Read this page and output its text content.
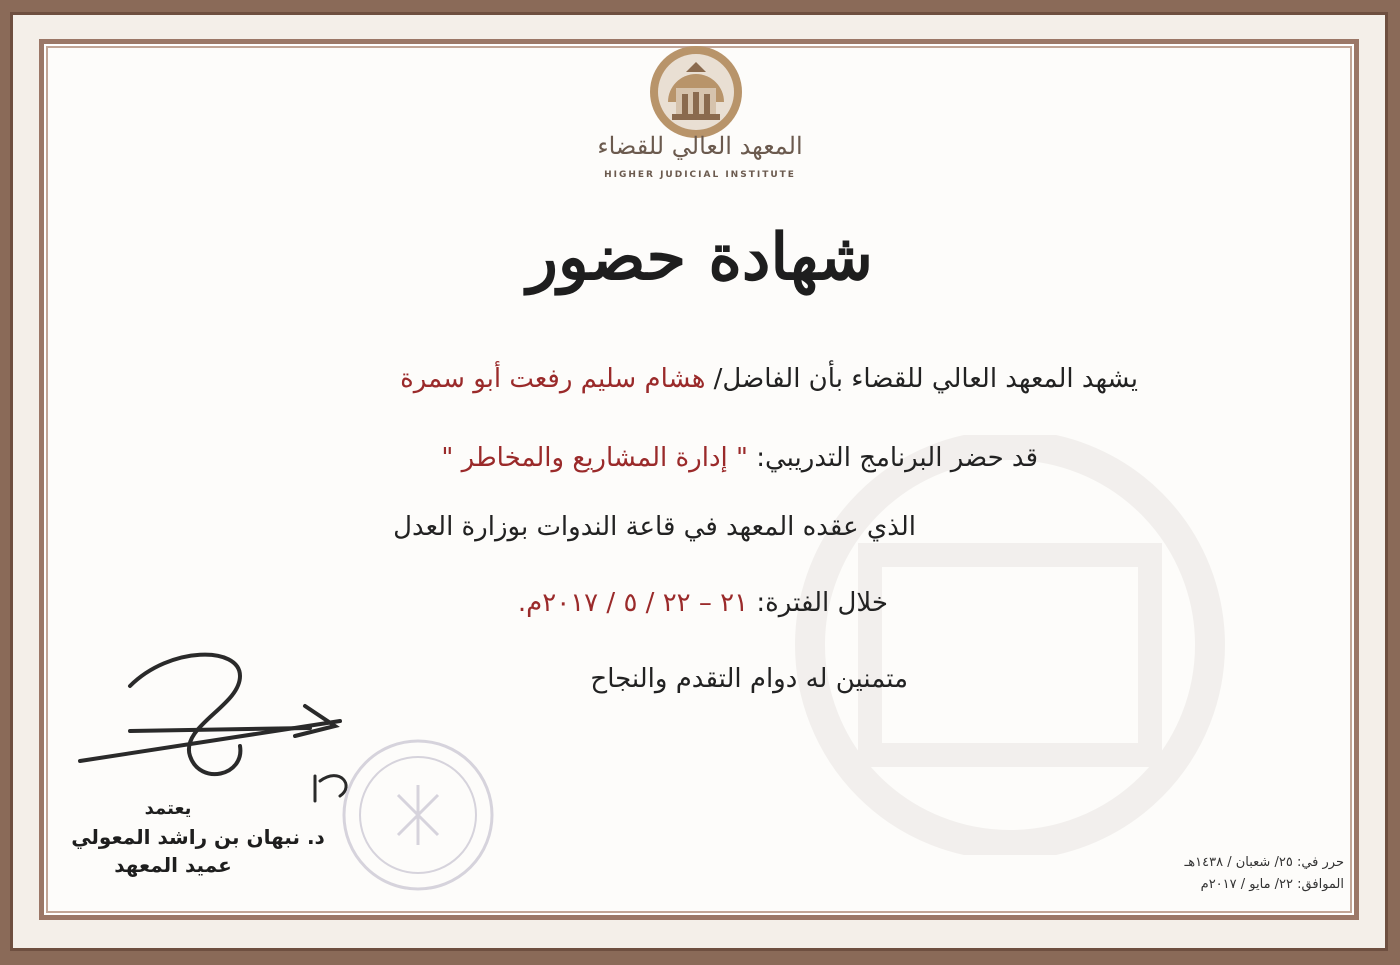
المعهد العالي للقضاء
HIGHER JUDICIAL INSTITUTE
شهادة حضور
يشهد المعهد العالي للقضاء بأن الفاضل/ هشام سليم رفعت أبو سمرة
قد حضر البرنامج التدريبي: " إدارة المشاريع والمخاطر "
الذي عقده المعهد في قاعة الندوات بوزارة العدل
خلال الفترة: ٢١ – ٢٢ / ٥ / ٢٠١٧م.
متمنين له دوام التقدم والنجاح
يعتمد
د. نبهان بن راشد المعولي
عميد المعهد	حرر في: ٢٥/ شعبان / ١٤٣٨هـ
الموافق: ٢٢/ مايو / ٢٠١٧م
